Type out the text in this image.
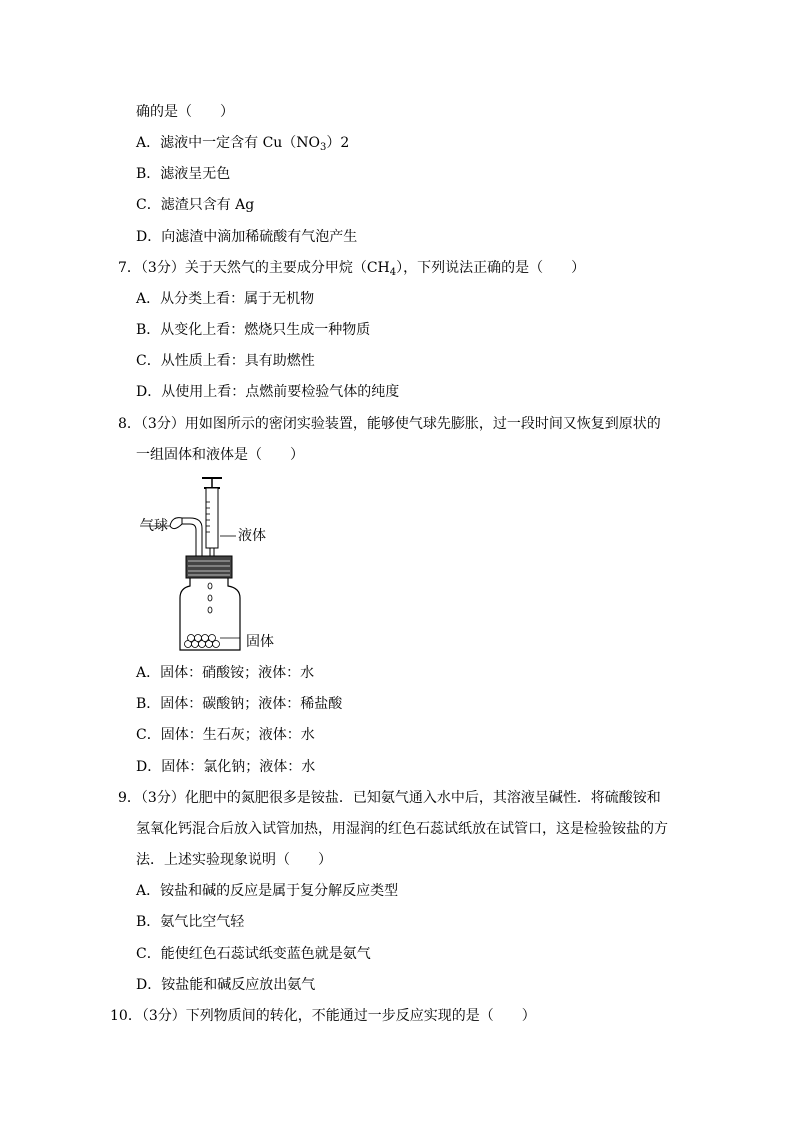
确的是（　　）
A．滤液中一定含有 $Cu(NO_3)2$
B．滤液呈无色
C．滤渣只含有 Ag
D．向滤渣中滴加稀硫酸有气泡产生
7．（3分）关于天然气的主要成分甲烷$(CH_4)$，下列说法正确的是（　　）
A．从分类上看：属于无机物
B．从变化上看：燃烧只生成一种物质
C．从性质上看：具有助燃性
D．从使用上看：点燃前要检验气体的纯度
8．（3分）用如图所示的密闭实验装置，能够使气球先膨胀，过一段时间又恢复到原状的
一组固体和液体是（　　）
气球
液体
固体
A．固体：硝酸铵；液体：水
B．固体：碳酸钠；液体：稀盐酸
C．固体：生石灰；液体：水
D．固体：氯化钠；液体：水
9．（3分）化肥中的氮肥很多是铵盐．已知氨气通入水中后，其溶液呈碱性．将硫酸铵和
氢氧化钙混合后放入试管加热，用湿润的红色石蕊试纸放在试管口，这是检验铵盐的方
法．上述实验现象说明（　　）
A．铵盐和碱的反应是属于复分解反应类型
B．氨气比空气轻
C．能使红色石蕊试纸变蓝色就是氨气
D．铵盐能和碱反应放出氨气
10．（3分）下列物质间的转化，不能通过一步反应实现的是（　　）
